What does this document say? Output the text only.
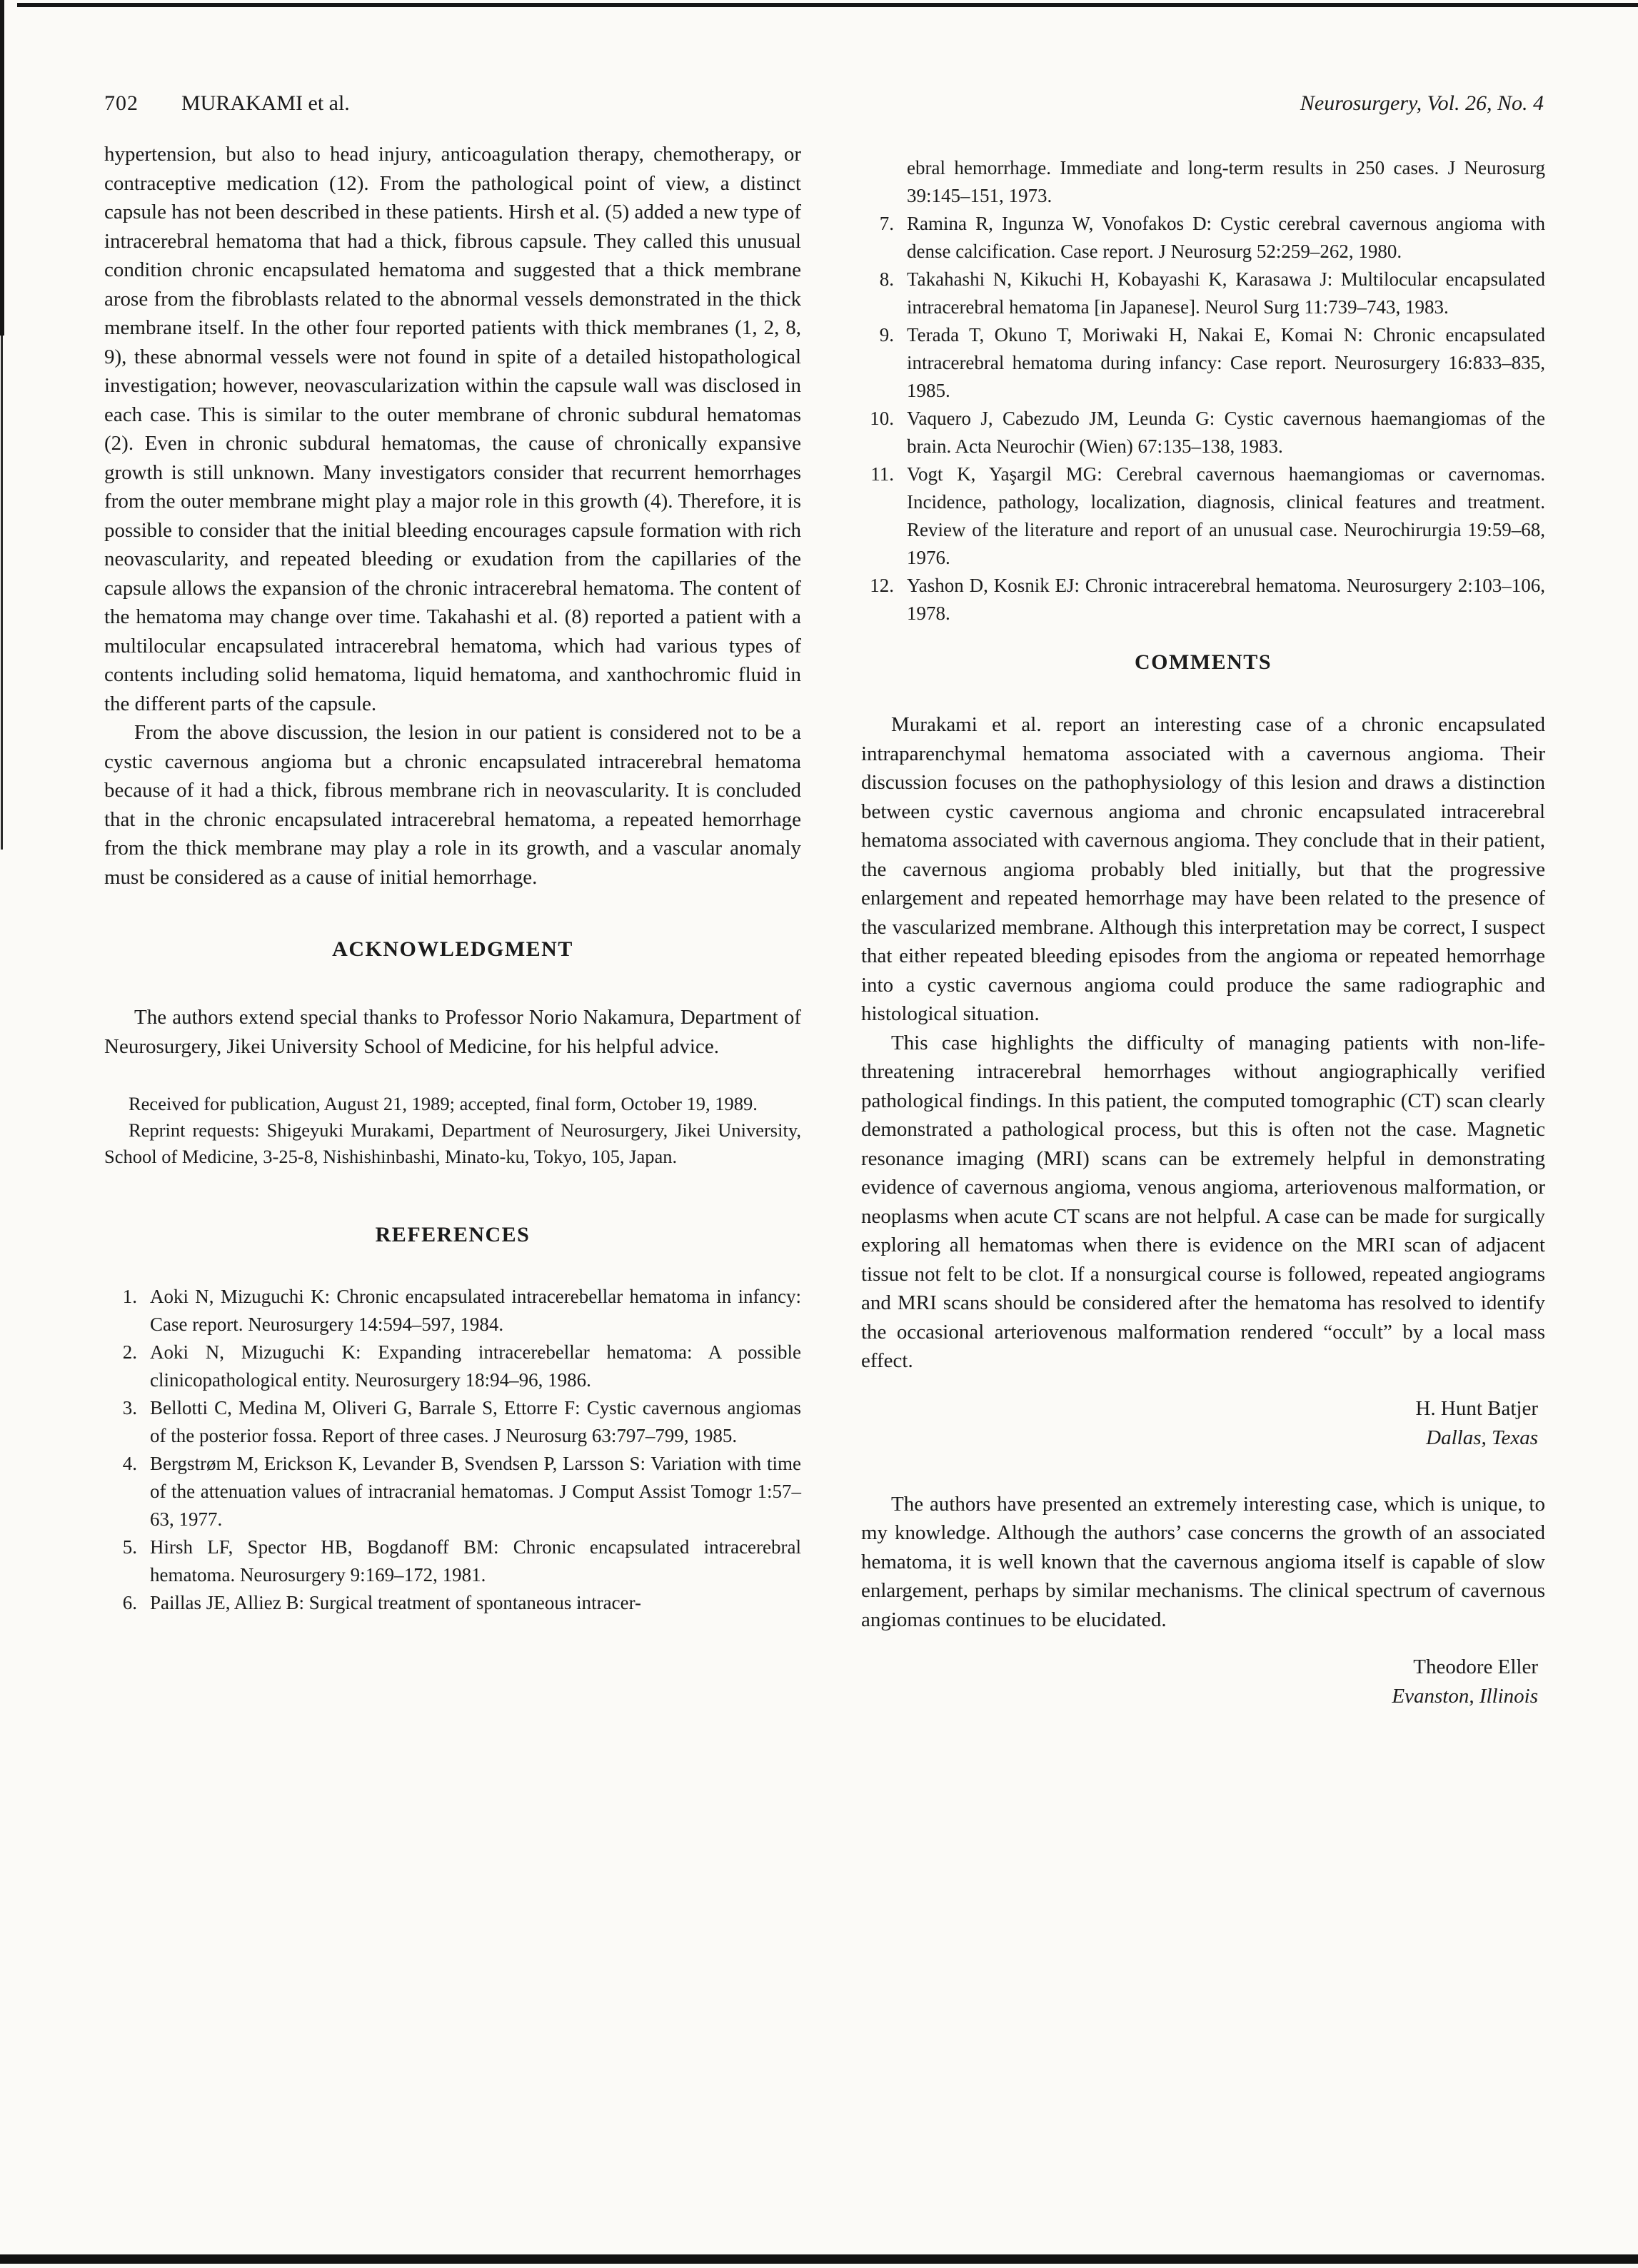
702 MURAKAMI et al.	Neurosurgery, Vol. 26, No. 4

hypertension, but also to head injury, anticoagulation therapy, chemotherapy, or contraceptive medication (12). From the pathological point of view, a distinct capsule has not been described in these patients. Hirsh et al. (5) added a new type of intracerebral hematoma that had a thick, fibrous capsule. They called this unusual condition chronic encapsulated hematoma and suggested that a thick membrane arose from the fibroblasts related to the abnormal vessels demonstrated in the thick membrane itself. In the other four reported patients with thick membranes (1, 2, 8, 9), these abnormal vessels were not found in spite of a detailed histopathological investigation; however, neovascularization within the capsule wall was disclosed in each case. This is similar to the outer membrane of chronic subdural hematomas (2). Even in chronic subdural hematomas, the cause of chronically expansive growth is still unknown. Many investigators consider that recurrent hemorrhages from the outer membrane might play a major role in this growth (4). Therefore, it is possible to consider that the initial bleeding encourages capsule formation with rich neovascularity, and repeated bleeding or exudation from the capillaries of the capsule allows the expansion of the chronic intracerebral hematoma. The content of the hematoma may change over time. Takahashi et al. (8) reported a patient with a multilocular encapsulated intracerebral hematoma, which had various types of contents including solid hematoma, liquid hematoma, and xanthochromic fluid in the different parts of the capsule.

From the above discussion, the lesion in our patient is considered not to be a cystic cavernous angioma but a chronic encapsulated intracerebral hematoma because of it had a thick, fibrous membrane rich in neovascularity. It is concluded that in the chronic encapsulated intracerebral hematoma, a repeated hemorrhage from the thick membrane may play a role in its growth, and a vascular anomaly must be considered as a cause of initial hemorrhage.

ACKNOWLEDGMENT

The authors extend special thanks to Professor Norio Nakamura, Department of Neurosurgery, Jikei University School of Medicine, for his helpful advice.

Received for publication, August 21, 1989; accepted, final form, October 19, 1989.

Reprint requests: Shigeyuki Murakami, Department of Neurosurgery, Jikei University, School of Medicine, 3-25-8, Nishishinbashi, Minato-ku, Tokyo, 105, Japan.

REFERENCES

1. Aoki N, Mizuguchi K: Chronic encapsulated intracerebellar hematoma in infancy: Case report. Neurosurgery 14:594–597, 1984.

2. Aoki N, Mizuguchi K: Expanding intracerebellar hematoma: A possible clinicopathological entity. Neurosurgery 18:94–96, 1986.

3. Bellotti C, Medina M, Oliveri G, Barrale S, Ettorre F: Cystic cavernous angiomas of the posterior fossa. Report of three cases. J Neurosurg 63:797–799, 1985.

4. Bergstrøm M, Erickson K, Levander B, Svendsen P, Larsson S: Variation with time of the attenuation values of intracranial hematomas. J Comput Assist Tomogr 1:57–63, 1977.

5. Hirsh LF, Spector HB, Bogdanoff BM: Chronic encapsulated intracerebral hematoma. Neurosurgery 9:169–172, 1981.

6. Paillas JE, Alliez B: Surgical treatment of spontaneous intracer-

ebral hemorrhage. Immediate and long-term results in 250 cases. J Neurosurg 39:145–151, 1973.

7. Ramina R, Ingunza W, Vonofakos D: Cystic cerebral cavernous angioma with dense calcification. Case report. J Neurosurg 52:259–262, 1980.

8. Takahashi N, Kikuchi H, Kobayashi K, Karasawa J: Multilocular encapsulated intracerebral hematoma [in Japanese]. Neurol Surg 11:739–743, 1983.

9. Terada T, Okuno T, Moriwaki H, Nakai E, Komai N: Chronic encapsulated intracerebral hematoma during infancy: Case report. Neurosurgery 16:833–835, 1985.

10. Vaquero J, Cabezudo JM, Leunda G: Cystic cavernous haemangiomas of the brain. Acta Neurochir (Wien) 67:135–138, 1983.

11. Vogt K, Yaşargil MG: Cerebral cavernous haemangiomas or cavernomas. Incidence, pathology, localization, diagnosis, clinical features and treatment. Review of the literature and report of an unusual case. Neurochirurgia 19:59–68, 1976.

12. Yashon D, Kosnik EJ: Chronic intracerebral hematoma. Neurosurgery 2:103–106, 1978.

COMMENTS

Murakami et al. report an interesting case of a chronic encapsulated intraparenchymal hematoma associated with a cavernous angioma. Their discussion focuses on the pathophysiology of this lesion and draws a distinction between cystic cavernous angioma and chronic encapsulated intracerebral hematoma associated with cavernous angioma. They conclude that in their patient, the cavernous angioma probably bled initially, but that the progressive enlargement and repeated hemorrhage may have been related to the presence of the vascularized membrane. Although this interpretation may be correct, I suspect that either repeated bleeding episodes from the angioma or repeated hemorrhage into a cystic cavernous angioma could produce the same radiographic and histological situation.

This case highlights the difficulty of managing patients with non-life-threatening intracerebral hemorrhages without angiographically verified pathological findings. In this patient, the computed tomographic (CT) scan clearly demonstrated a pathological process, but this is often not the case. Magnetic resonance imaging (MRI) scans can be extremely helpful in demonstrating evidence of cavernous angioma, venous angioma, arteriovenous malformation, or neoplasms when acute CT scans are not helpful. A case can be made for surgically exploring all hematomas when there is evidence on the MRI scan of adjacent tissue not felt to be clot. If a nonsurgical course is followed, repeated angiograms and MRI scans should be considered after the hematoma has resolved to identify the occasional arteriovenous malformation rendered “occult” by a local mass effect.

H. Hunt Batjer
Dallas, Texas

The authors have presented an extremely interesting case, which is unique, to my knowledge. Although the authors’ case concerns the growth of an associated hematoma, it is well known that the cavernous angioma itself is capable of slow enlargement, perhaps by similar mechanisms. The clinical spectrum of cavernous angiomas continues to be elucidated.

Theodore Eller
Evanston, Illinois
